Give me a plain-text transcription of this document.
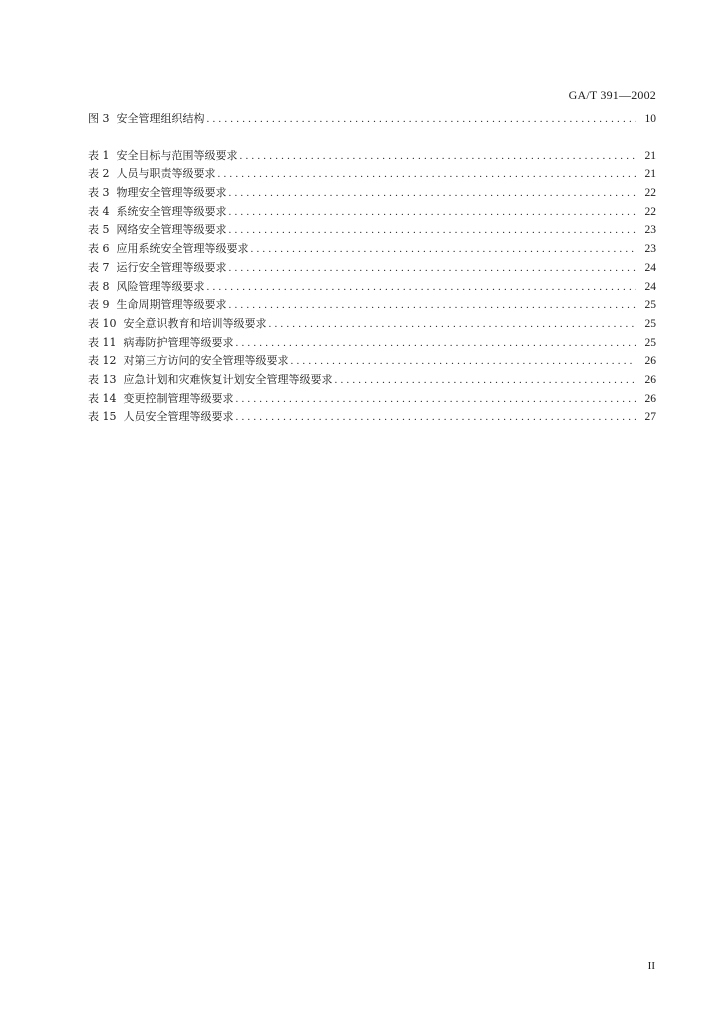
GA/T 391—2002
图 3 安全管理组织结构 .....	10
表 1 安全目标与范围等级要求 .....	21
表 2 人员与职责等级要求 .....	21
表 3 物理安全管理等级要求 .....	22
表 4 系统安全管理等级要求 .....	22
表 5 网络安全管理等级要求 .....	23
表 6 应用系统安全管理等级要求 .....	23
表 7 运行安全管理等级要求 .....	24
表 8 风险管理等级要求 .....	24
表 9 生命周期管理等级要求 .....	25
表 10 安全意识教育和培训等级要求 .....	25
表 11 病毒防护管理等级要求 .....	25
表 12 对第三方访问的安全管理等级要求 .....	26
表 13 应急计划和灾难恢复计划安全管理等级要求 .....	26
表 14 变更控制管理等级要求 .....	26
表 15 人员安全管理等级要求 .....	27
II
